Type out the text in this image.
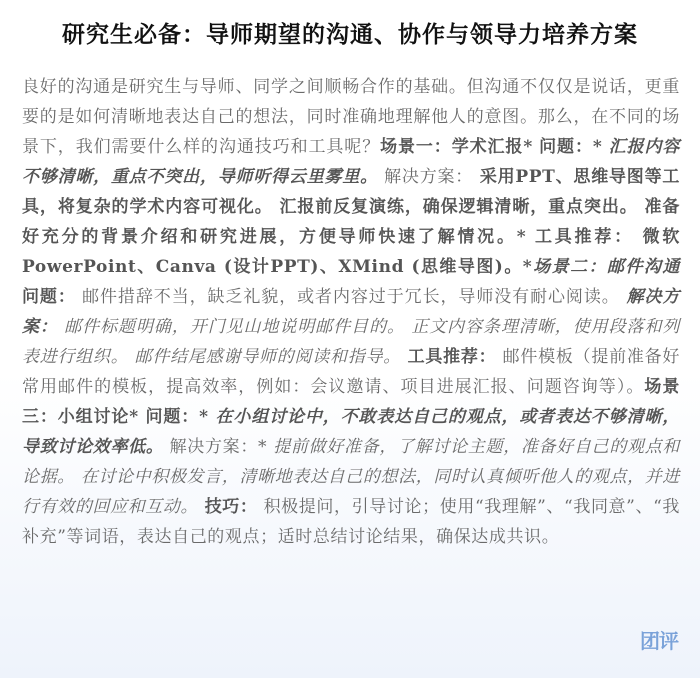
研究生必备：导师期望的沟通、协作与领导力培养方案
良好的沟通是研究生与导师、同学之间顺畅合作的基础。但沟通不仅仅是说话，更重要的是如何清晰地表达自己的想法，同时准确地理解他人的意图。那么，在不同的场景下，我们需要什么样的沟通技巧和工具呢？场景一：学术汇报* 问题：* 汇报内容不够清晰，重点不突出，导师听得云里雾里。 解决方案： 采用PPT、思维导图等工具，将复杂的学术内容可视化。 汇报前反复演练，确保逻辑清晰，重点突出。 准备好充分的背景介绍和研究进展，方便导师快速了解情况。* 工具推荐： 微软PowerPoint、Canva (设计PPT)、XMind (思维导图)。*场景二：邮件沟通 问题： 邮件措辞不当，缺乏礼貌，或者内容过于冗长，导师没有耐心阅读。 解决方案： 邮件标题明确，开门见山地说明邮件目的。 正文内容条理清晰，使用段落和列表进行组织。 邮件结尾感谢导师的阅读和指导。 工具推荐： 邮件模板（提前准备好常用邮件的模板，提高效率，例如：会议邀请、项目进展汇报、问题咨询等）。场景三：小组讨论* 问题：* 在小组讨论中，不敢表达自己的观点，或者表达不够清晰，导致讨论效率低。 解决方案：* 提前做好准备，了解讨论主题，准备好自己的观点和论据。 在讨论中积极发言，清晰地表达自己的想法，同时认真倾听他人的观点，并进行有效的回应和互动。 技巧： 积极提问，引导讨论；使用“我理解”、“我同意”、“我补充”等词语，表达自己的观点；适时总结讨论结果，确保达成共识。
团评
